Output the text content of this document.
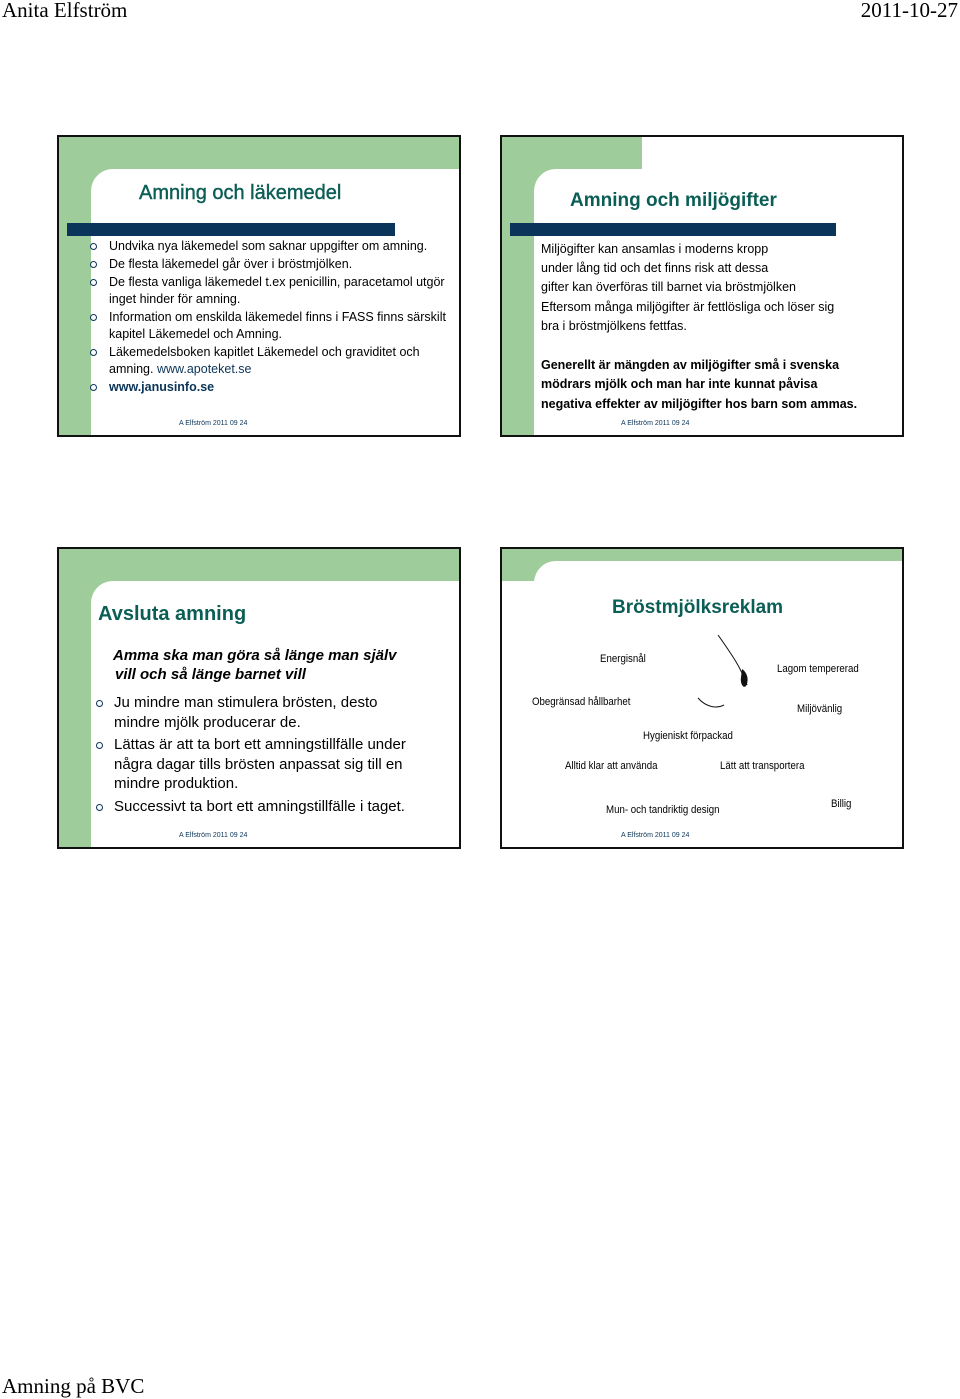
Anita Elfström	2011-10-27
Amning och läkemedel
Undvika nya läkemedel som saknar uppgifter om amning.
De flesta läkemedel går över i bröstmjölken.
De flesta vanliga läkemedel t.ex penicillin, paracetamol utgör inget hinder för amning.
Information om enskilda läkemedel finns i FASS finns särskilt kapitel Läkemedel och Amning.
Läkemedelsboken kapitlet Läkemedel och graviditet och amning. www.apoteket.se
www.janusinfo.se
A Elfström 2011 09 24
Amning och miljögifter
Miljögifter kan ansamlas i moderns kropp
under lång tid och det finns risk att dessa
gifter kan överföras till barnet via bröstmjölken
Eftersom många miljögifter är fettlösliga och löser sig
bra i bröstmjölkens fettfas.
Generellt är mängden av miljögifter små i svenska
mödrars mjölk och man har inte kunnat påvisa
negativa effekter av miljögifter hos barn som ammas.
A Elfström 2011 09 24
Avsluta amning
Amma ska man göra så länge man själv
vill och så länge barnet vill
Ju mindre man stimulera brösten, desto mindre mjölk producerar de.
Lättas är att ta bort ett amningstillfälle under några dagar tills brösten anpassat sig till en mindre produktion.
Successivt ta bort ett amningstillfälle i taget.
A Elfström 2011 09 24
Bröstmjölksreklam
Energisnål
Lagom tempererad
Obegränsad hållbarhet
Miljövänlig
Hygieniskt förpackad
Alltid klar att använda	Lätt att transportera
Mun- och tandriktig design	Billig
A Elfström 2011 09 24
Amning på BVC
